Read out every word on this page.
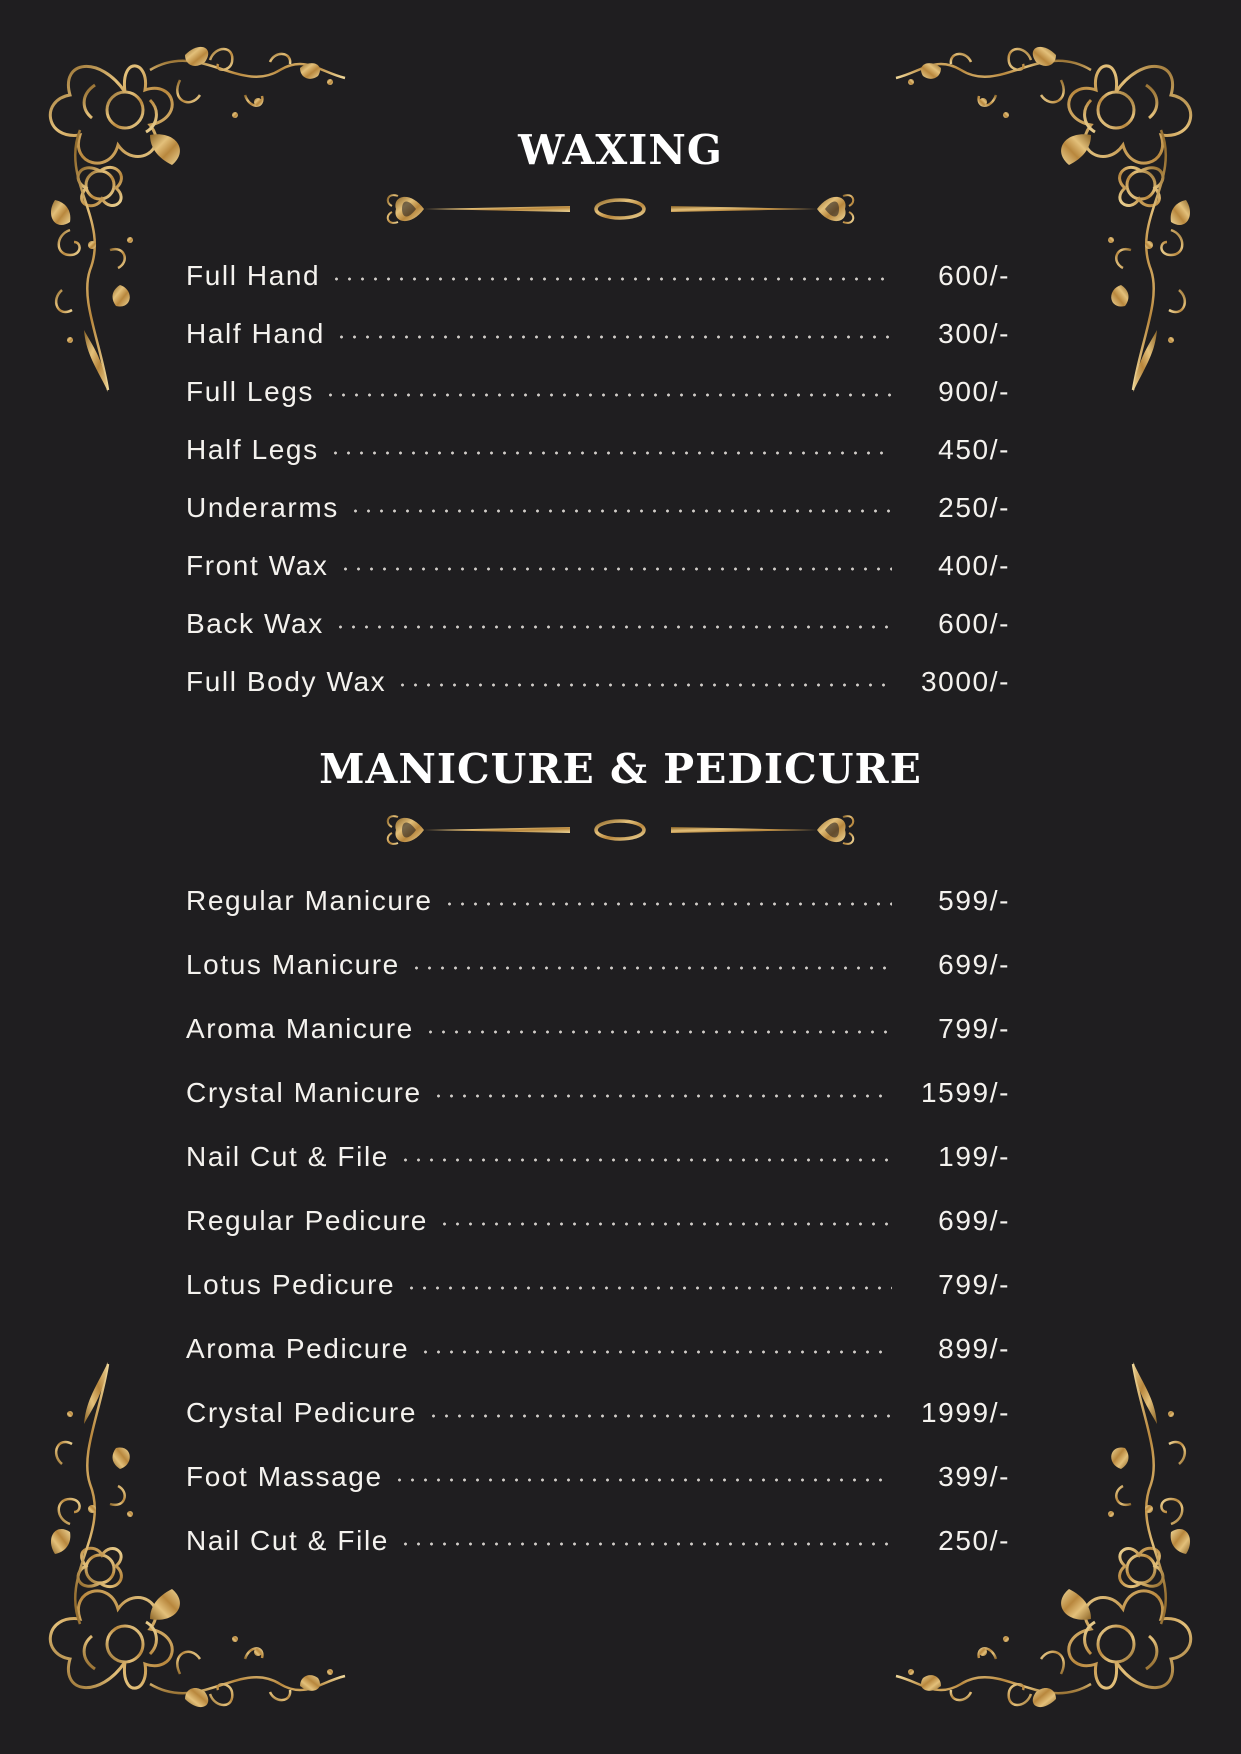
WAXING
Full Hand	600/-
Half Hand	300/-
Full Legs	900/-
Half Legs	450/-
Underarms	250/-
Front Wax	400/-
Back Wax	600/-
Full Body Wax	3000/-
MANICURE & PEDICURE
Regular Manicure	599/-
Lotus Manicure	699/-
Aroma Manicure	799/-
Crystal Manicure	1599/-
Nail Cut & File	199/-
Regular Pedicure	699/-
Lotus Pedicure	799/-
Aroma Pedicure	899/-
Crystal Pedicure	1999/-
Foot Massage	399/-
Nail Cut & File	250/-
